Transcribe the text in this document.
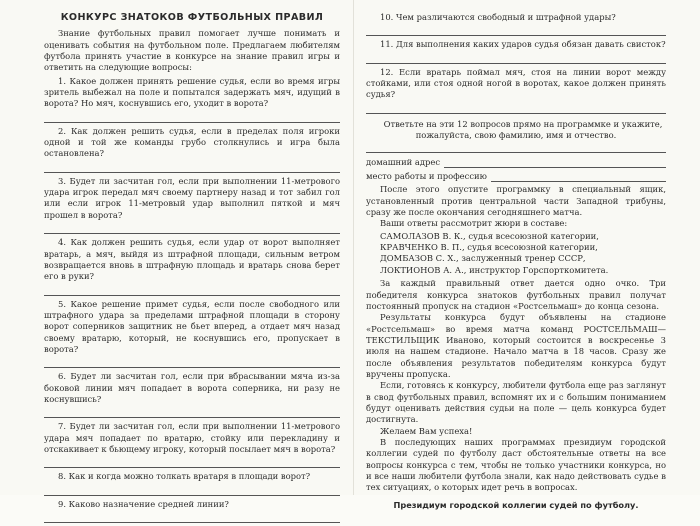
КОНКУРС ЗНАТОКОВ ФУТБОЛЬНЫХ ПРАВИЛ

Знание футбольных правил помогает лучше понимать и оценивать события на футбольном поле. Предлагаем любителям футбола принять участие в конкурсе на знание правил игры и ответить на следующие вопросы:

1. Какое должен принять решение судья, если во время игры зритель выбежал на поле и попытался задержать мяч, идущий в ворота? Но мяч, коснувшись его, уходит в ворота?

2. Как должен решить судья, если в пределах поля игроки одной и той же команды грубо столкнулись и игра была остановлена?

3. Будет ли засчитан гол, если при выполнении 11-метрового удара игрок передал мяч своему партнеру назад и тот забил гол или если игрок 11-метровый удар выполнил пяткой и мяч прошел в ворота?

4. Как должен решить судья, если удар от ворот выполняет вратарь, а мяч, выйдя из штрафной площади, сильным ветром возвращается вновь в штрафную площадь и вратарь снова берет его в руки?

5. Какое решение примет судья, если после свободного или штрафного удара за пределами штрафной площади в сторону ворот соперников защитник не бьет вперед, а отдает мяч назад своему вратарю, который, не коснувшись его, пропускает в ворота?

6. Будет ли засчитан гол, если при вбрасывании мяча из-за боковой линии мяч попадает в ворота соперника, ни разу не коснувшись?

7. Будет ли засчитан гол, если при выполнении 11-метрового удара мяч попадает по вратарю, стойку или перекладину и отскакивает к бьющему игроку, который посылает мяч в ворота?

8. Как и когда можно толкать вратаря в площади ворот?

9. Каково назначение средней линии?

10. Чем различаются свободный и штрафной удары?

11. Для выполнения каких ударов судья обязан давать свисток?

12. Если вратарь поймал мяч, стоя на линии ворот между стойками, или стоя одной ногой в воротах, какое должен принять судья?

Ответьте на эти 12 вопросов прямо на программке и укажите, пожалуйста, свою фамилию, имя и отчество.

домашний адрес
место работы и профессию

После этого опустите программку в специальный ящик, установленный против центральной части Западной трибуны, сразу же после окончания сегодняшнего матча.

Ваши ответы рассмотрит жюри в составе:

САМОЛАЗОВ В. К., судья всесоюзной категории,
КРАВЧЕНКО В. П., судья всесоюзной категории,
ДОМБАЗОВ С. Х., заслуженный тренер СССР,
ЛОКТИОНОВ А. А., инструктор Горспорткомитета.

За каждый правильный ответ дается одно очко. Три победителя конкурса знатоков футбольных правил получат постоянный пропуск на стадион «Ростсельмаш» до конца сезона.

Результаты конкурса будут объявлены на стадионе «Ростсельмаш» во время матча команд РОСТСЕЛЬМАШ—ТЕКСТИЛЬЩИК Иваново, который состоится в воскресенье 3 июля на нашем стадионе. Начало матча в 18 часов. Сразу же после объявления результатов победителям конкурса будут вручены пропуска.

Если, готовясь к конкурсу, любители футбола еще раз заглянут в свод футбольных правил, вспомнят их и с большим пониманием будут оценивать действия судьи на поле — цель конкурса будет достигнута.

Желаем Вам успеха!

В последующих наших программах президиум городской коллегии судей по футболу даст обстоятельные ответы на все вопросы конкурса с тем, чтобы не только участники конкурса, но и все наши любители футбола знали, как надо действовать судье в тех ситуациях, о которых идет речь в вопросах.

Президиум городской коллегии судей по футболу.
